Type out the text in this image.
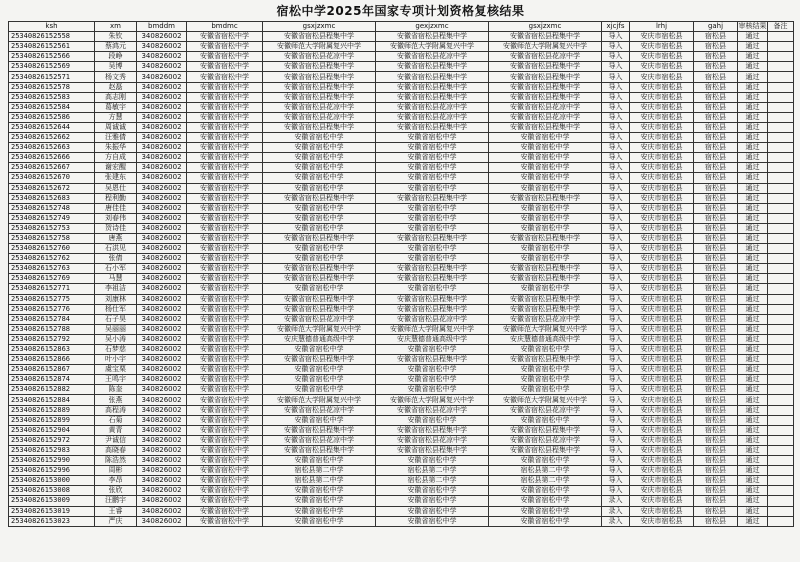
宿松中学2025年国家专项计划资格复核结果
ksh	xm	bmddm	bmdmc	gsxjzxmc	gexjzxmc	gsxjzxmc	xjcjfs	lrhj	gahj	审核结果	备注
25340826152558	朱钦	340826002	安徽省宿松中学	安徽省宿松县程集中学	安徽省宿松县程集中学	安徽省宿松县程集中学	导入	安庆市宿松县	宿松县	通过	
25340826152561	蔡鸿元	340826002	安徽省宿松中学	安徽师范大学附属复兴中学	安徽师范大学附属复兴中学	安徽师范大学附属复兴中学	导入	安庆市宿松县	宿松县	通过	
25340826152566	段峥	340826002	安徽省宿松中学	安徽省宿松县花凉中学	安徽省宿松县花凉中学	安徽省宿松县花凉中学	导入	安庆市宿松县	宿松县	通过	
25340826152569	吴博	340826002	安徽省宿松中学	安徽省宿松县程集中学	安徽省宿松县程集中学	安徽省宿松县程集中学	导入	安庆市宿松县	宿松县	通过	
25340826152571	杨文秀	340826002	安徽省宿松中学	安徽省宿松县程集中学	安徽省宿松县程集中学	安徽省宿松县程集中学	导入	安庆市宿松县	宿松县	通过	
25340826152578	赵磊	340826002	安徽省宿松中学	安徽省宿松县程集中学	安徽省宿松县程集中学	安徽省宿松县程集中学	导入	安庆市宿松县	宿松县	通过	
25340826152583	高志刚	340826002	安徽省宿松中学	安徽省宿松县程集中学	安徽省宿松县程集中学	安徽省宿松县程集中学	导入	安庆市宿松县	宿松县	通过	
25340826152584	葛敏宇	340826002	安徽省宿松中学	安徽省宿松县花凉中学	安徽省宿松县花凉中学	安徽省宿松县花凉中学	导入	安庆市宿松县	宿松县	通过	
25340826152586	方慧	340826002	安徽省宿松中学	安徽省宿松县花凉中学	安徽省宿松县花凉中学	安徽省宿松县花凉中学	导入	安庆市宿松县	宿松县	通过	
25340826152644	周诚诚	340826002	安徽省宿松中学	安徽省宿松县程集中学	安徽省宿松县程集中学	安徽省宿松县程集中学	导入	安庆市宿松县	宿松县	通过	
25340826152662	汪雅倩	340826002	安徽省宿松中学	安徽省宿松中学	安徽省宿松中学	安徽省宿松中学	导入	安庆市宿松县	宿松县	通过	
25340826152663	朱振华	340826002	安徽省宿松中学	安徽省宿松中学	安徽省宿松中学	安徽省宿松中学	导入	安庆市宿松县	宿松县	通过	
25340826152666	方自成	340826002	安徽省宿松中学	安徽省宿松中学	安徽省宿松中学	安徽省宿松中学	导入	安庆市宿松县	宿松县	通过	
25340826152667	谢宏醒	340826002	安徽省宿松中学	安徽省宿松中学	安徽省宿松中学	安徽省宿松中学	导入	安庆市宿松县	宿松县	通过	
25340826152670	张建东	340826002	安徽省宿松中学	安徽省宿松中学	安徽省宿松中学	安徽省宿松中学	导入	安庆市宿松县	宿松县	通过	
25340826152672	吴恩仕	340826002	安徽省宿松中学	安徽省宿松中学	安徽省宿松中学	安徽省宿松中学	导入	安庆市宿松县	宿松县	通过	
25340826152683	程利勤	340826002	安徽省宿松中学	安徽省宿松县程集中学	安徽省宿松县程集中学	安徽省宿松县程集中学	导入	安庆市宿松县	宿松县	通过	
25340826152748	唐佳佳	340826002	安徽省宿松中学	安徽省宿松中学	安徽省宿松中学	安徽省宿松中学	导入	安庆市宿松县	宿松县	通过	
25340826152749	刘春伟	340826002	安徽省宿松中学	安徽省宿松中学	安徽省宿松中学	安徽省宿松中学	导入	安庆市宿松县	宿松县	通过	
25340826152753	贺诗佳	340826002	安徽省宿松中学	安徽省宿松中学	安徽省宿松中学	安徽省宿松中学	导入	安庆市宿松县	宿松县	通过	
25340826152758	唐燕	340826002	安徽省宿松中学	安徽省宿松县程集中学	安徽省宿松县程集中学	安徽省宿松县程集中学	导入	安庆市宿松县	宿松县	通过	
25340826152760	石洪见	340826002	安徽省宿松中学	安徽省宿松中学	安徽省宿松中学	安徽省宿松中学	导入	安庆市宿松县	宿松县	通过	
25340826152762	张倩	340826002	安徽省宿松中学	安徽省宿松中学	安徽省宿松中学	安徽省宿松中学	导入	安庆市宿松县	宿松县	通过	
25340826152763	石小军	340826002	安徽省宿松中学	安徽省宿松县程集中学	安徽省宿松县程集中学	安徽省宿松县程集中学	导入	安庆市宿松县	宿松县	通过	
25340826152769	马慧	340826002	安徽省宿松中学	安徽省宿松县程集中学	安徽省宿松县程集中学	安徽省宿松县程集中学	导入	安庆市宿松县	宿松县	通过	
25340826152771	李祖洁	340826002	安徽省宿松中学	安徽省宿松中学	安徽省宿松中学	安徽省宿松中学	导入	安庆市宿松县	宿松县	通过	
25340826152775	刘康林	340826002	安徽省宿松中学	安徽省宿松县程集中学	安徽省宿松县程集中学	安徽省宿松县程集中学	导入	安庆市宿松县	宿松县	通过	
25340826152776	杨仕军	340826002	安徽省宿松中学	安徽省宿松县程集中学	安徽省宿松县程集中学	安徽省宿松县程集中学	导入	安庆市宿松县	宿松县	通过	
25340826152784	石子昊	340826002	安徽省宿松中学	安徽省宿松县花凉中学	安徽省宿松县花凉中学	安徽省宿松县花凉中学	导入	安庆市宿松县	宿松县	通过	
25340826152788	吴丽丽	340826002	安徽省宿松中学	安徽师范大学附属复兴中学	安徽师范大学附属复兴中学	安徽师范大学附属复兴中学	导入	安庆市宿松县	宿松县	通过	
25340826152792	吴小涛	340826002	安徽省宿松中学	安庆慧德普通高级中学	安庆慧德普通高级中学	安庆慧德普通高级中学	导入	安庆市宿松县	宿松县	通过	
25340826152863	石梦慈	340826002	安徽省宿松中学	安徽省宿松中学	安徽省宿松中学	安徽省宿松中学	导入	安庆市宿松县	宿松县	通过	
25340826152866	叶小宇	340826002	安徽省宿松中学	安徽省宿松县程集中学	安徽省宿松县程集中学	安徽省宿松县程集中学	导入	安庆市宿松县	宿松县	通过	
25340826152867	虞宝栗	340826002	安徽省宿松中学	安徽省宿松中学	安徽省宿松中学	安徽省宿松中学	导入	安庆市宿松县	宿松县	通过	
25340826152874	王鸣宇	340826002	安徽省宿松中学	安徽省宿松中学	安徽省宿松中学	安徽省宿松中学	导入	安庆市宿松县	宿松县	通过	
25340826152882	陈奎	340826002	安徽省宿松中学	安徽省宿松中学	安徽省宿松中学	安徽省宿松中学	导入	安庆市宿松县	宿松县	通过	
25340826152884	张燕	340826002	安徽省宿松中学	安徽师范大学附属复兴中学	安徽师范大学附属复兴中学	安徽师范大学附属复兴中学	导入	安庆市宿松县	宿松县	通过	
25340826152889	高程涛	340826002	安徽省宿松中学	安徽省宿松县花凉中学	安徽省宿松县花凉中学	安徽省宿松县花凉中学	导入	安庆市宿松县	宿松县	通过	
25340826152899	石菊	340826002	安徽省宿松中学	安徽省宿松中学	安徽省宿松中学	安徽省宿松中学	导入	安庆市宿松县	宿松县	通过	
25340826152904	黄青	340826002	安徽省宿松中学	安徽省宿松县程集中学	安徽省宿松县程集中学	安徽省宿松县程集中学	导入	安庆市宿松县	宿松县	通过	
25340826152972	尹诚信	340826002	安徽省宿松中学	安徽省宿松县花凉中学	安徽省宿松县花凉中学	安徽省宿松县花凉中学	导入	安庆市宿松县	宿松县	通过	
25340826152983	高晓春	340826002	安徽省宿松中学	安徽省宿松县程集中学	安徽省宿松县程集中学	安徽省宿松县程集中学	导入	安庆市宿松县	宿松县	通过	
25340826152990	陈浩然	340826002	安徽省宿松中学	安徽省宿松中学	安徽省宿松中学	安徽省宿松中学	导入	安庆市宿松县	宿松县	通过	
25340826152996	周彬	340826002	安徽省宿松中学	宿松县第二中学	宿松县第二中学	宿松县第二中学	导入	安庆市宿松县	宿松县	通过	
25340826153000	李昂	340826002	安徽省宿松中学	宿松县第二中学	宿松县第二中学	宿松县第二中学	导入	安庆市宿松县	宿松县	通过	
25340826153008	张欣	340826002	安徽省宿松中学	安徽省宿松中学	安徽省宿松中学	安徽省宿松中学	导入	安庆市宿松县	宿松县	通过	
25340826153009	汪鹏宇	340826002	安徽省宿松中学	安徽省宿松中学	安徽省宿松中学	安徽省宿松中学	录入	安庆市宿松县	宿松县	通过	
25340826153019	王睿	340826002	安徽省宿松中学	安徽省宿松中学	安徽省宿松中学	安徽省宿松中学	录入	安庆市宿松县	宿松县	通过	
25340826153023	严庆	340826002	安徽省宿松中学	安徽省宿松中学	安徽省宿松中学	安徽省宿松中学	录入	安庆市宿松县	宿松县	通过	
